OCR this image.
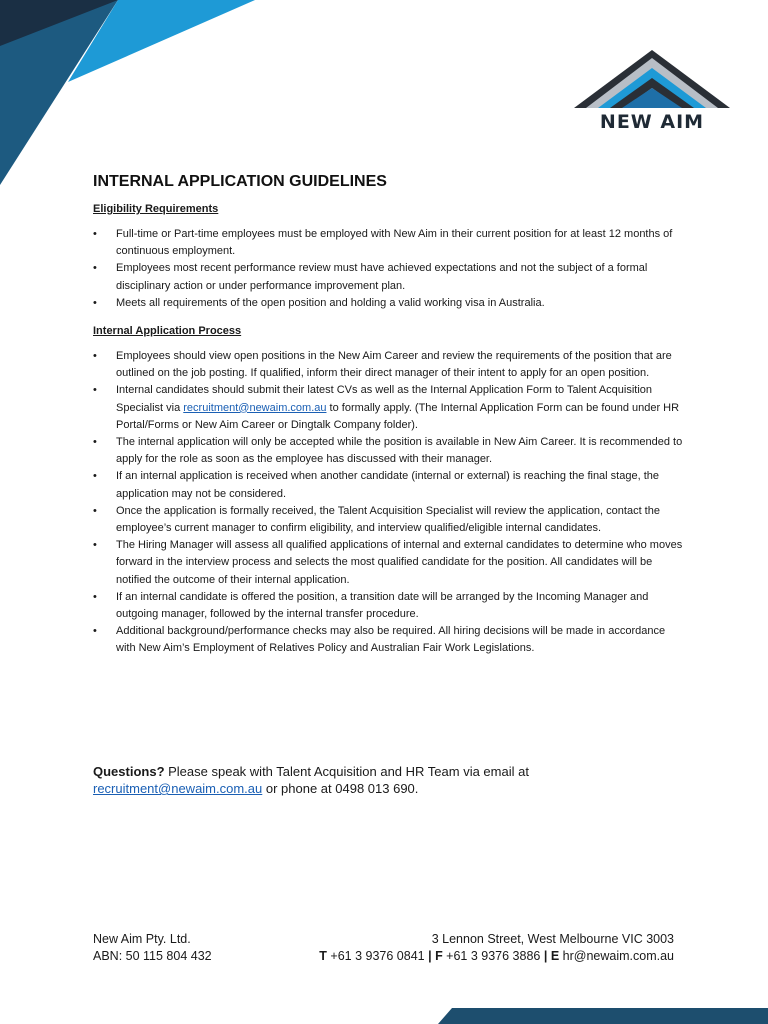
NEW AIM
INTERNAL APPLICATION GUIDELINES
Eligibility Requirements
• Full-time or Part-time employees must be employed with New Aim in their current position for at least 12 months of continuous employment.
• Employees most recent performance review must have achieved expectations and not the subject of a formal disciplinary action or under performance improvement plan.
• Meets all requirements of the open position and holding a valid working visa in Australia.
Internal Application Process
• Employees should view open positions in the New Aim Career and review the requirements of the position that are outlined on the job posting. If qualified, inform their direct manager of their intent to apply for an open position.
• Internal candidates should submit their latest CVs as well as the Internal Application Form to Talent Acquisition Specialist via recruitment@newaim.com.au to formally apply. (The Internal Application Form can be found under HR Portal/Forms or New Aim Career or Dingtalk Company folder).
• The internal application will only be accepted while the position is available in New Aim Career. It is recommended to apply for the role as soon as the employee has discussed with their manager.
• If an internal application is received when another candidate (internal or external) is reaching the final stage, the application may not be considered.
• Once the application is formally received, the Talent Acquisition Specialist will review the application, contact the employee’s current manager to confirm eligibility, and interview qualified/eligible internal candidates.
• The Hiring Manager will assess all qualified applications of internal and external candidates to determine who moves forward in the interview process and selects the most qualified candidate for the position. All candidates will be notified the outcome of their internal application.
• If an internal candidate is offered the position, a transition date will be arranged by the Incoming Manager and outgoing manager, followed by the internal transfer procedure.
• Additional background/performance checks may also be required. All hiring decisions will be made in accordance with New Aim’s Employment of Relatives Policy and Australian Fair Work Legislations.
Questions? Please speak with Talent Acquisition and HR Team via email at
recruitment@newaim.com.au or phone at 0498 013 690.
New Aim Pty. Ltd.
ABN: 50 115 804 432
3 Lennon Street, West Melbourne VIC 3003
T +61 3 9376 0841 | F +61 3 9376 3886 | E hr@newaim.com.au
